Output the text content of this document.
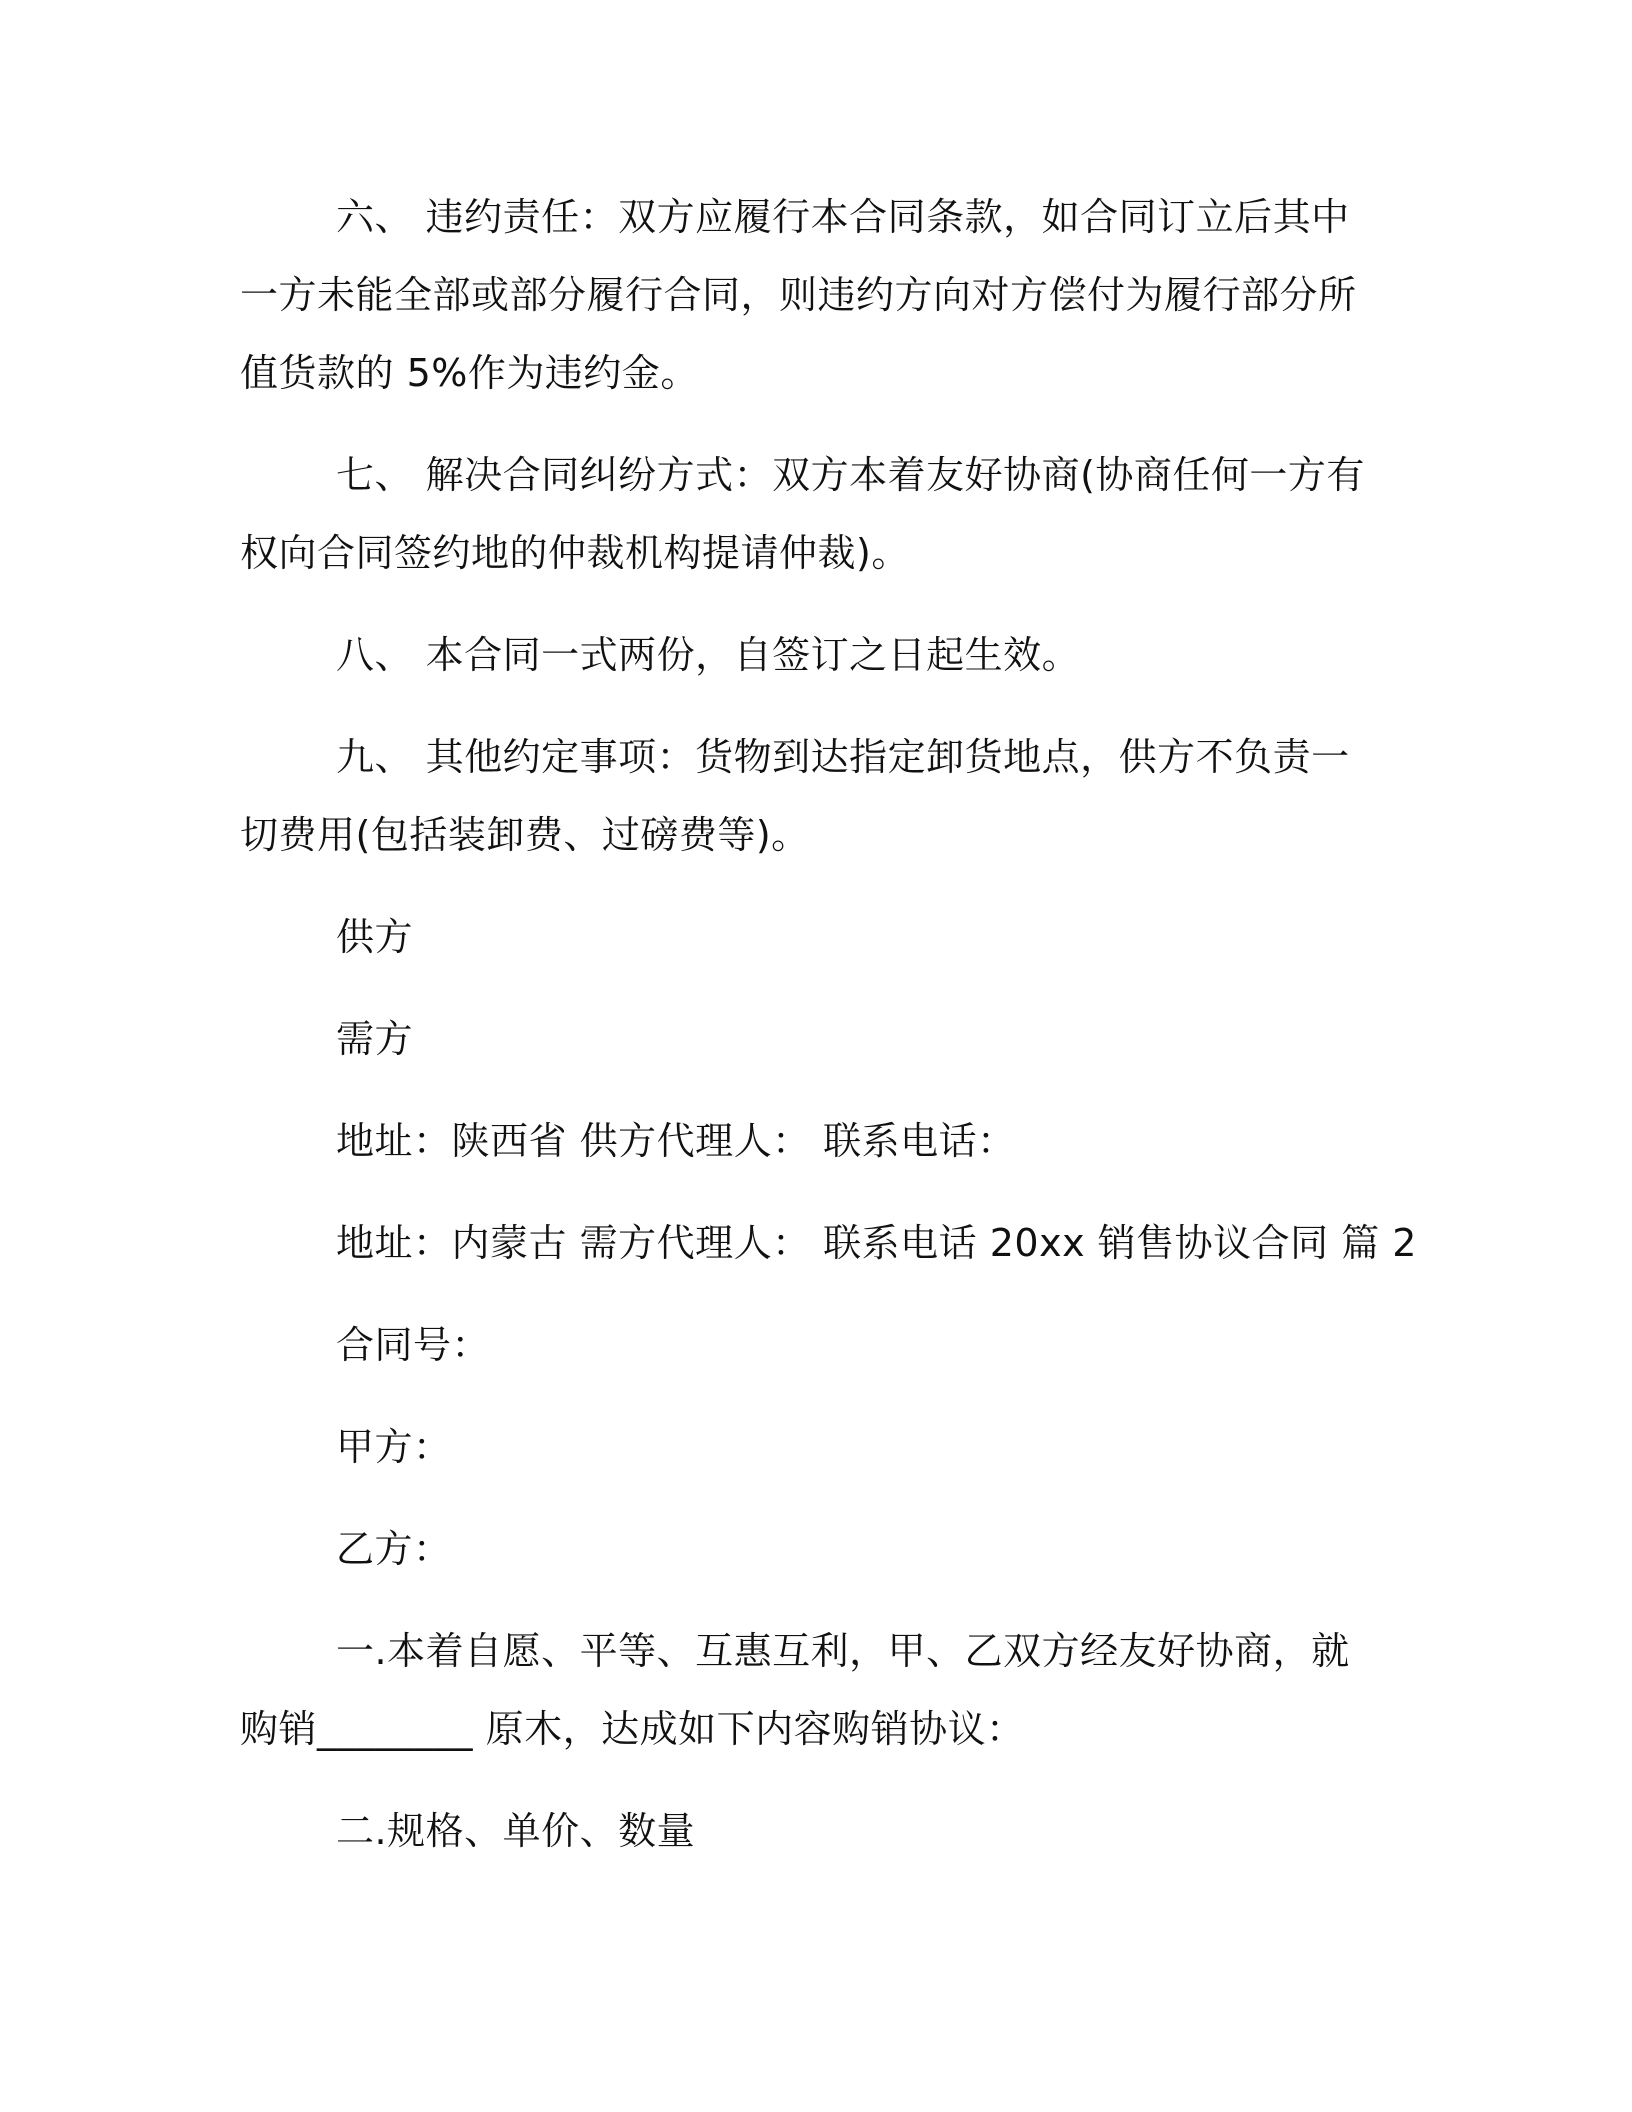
六、 违约责任：双方应履行本合同条款，如合同订立后其中一方未能全部或部分履行合同，则违约方向对方偿付为履行部分所值货款的 5%作为违约金。

七、 解决合同纠纷方式：双方本着友好协商(协商任何一方有权向合同签约地的仲裁机构提请仲裁)。

八、 本合同一式两份，自签订之日起生效。

九、 其他约定事项：货物到达指定卸货地点，供方不负责一切费用(包括装卸费、过磅费等)。

供方
需方
地址：陕西省 供方代理人： 联系电话：
地址：内蒙古 需方代理人： 联系电话 20xx 销售协议合同 篇 2
合同号：
甲方：
乙方：

一.本着自愿、平等、互惠互利，甲、乙双方经友好协商，就购销________ 原木，达成如下内容购销协议：

二.规格、单价、数量
